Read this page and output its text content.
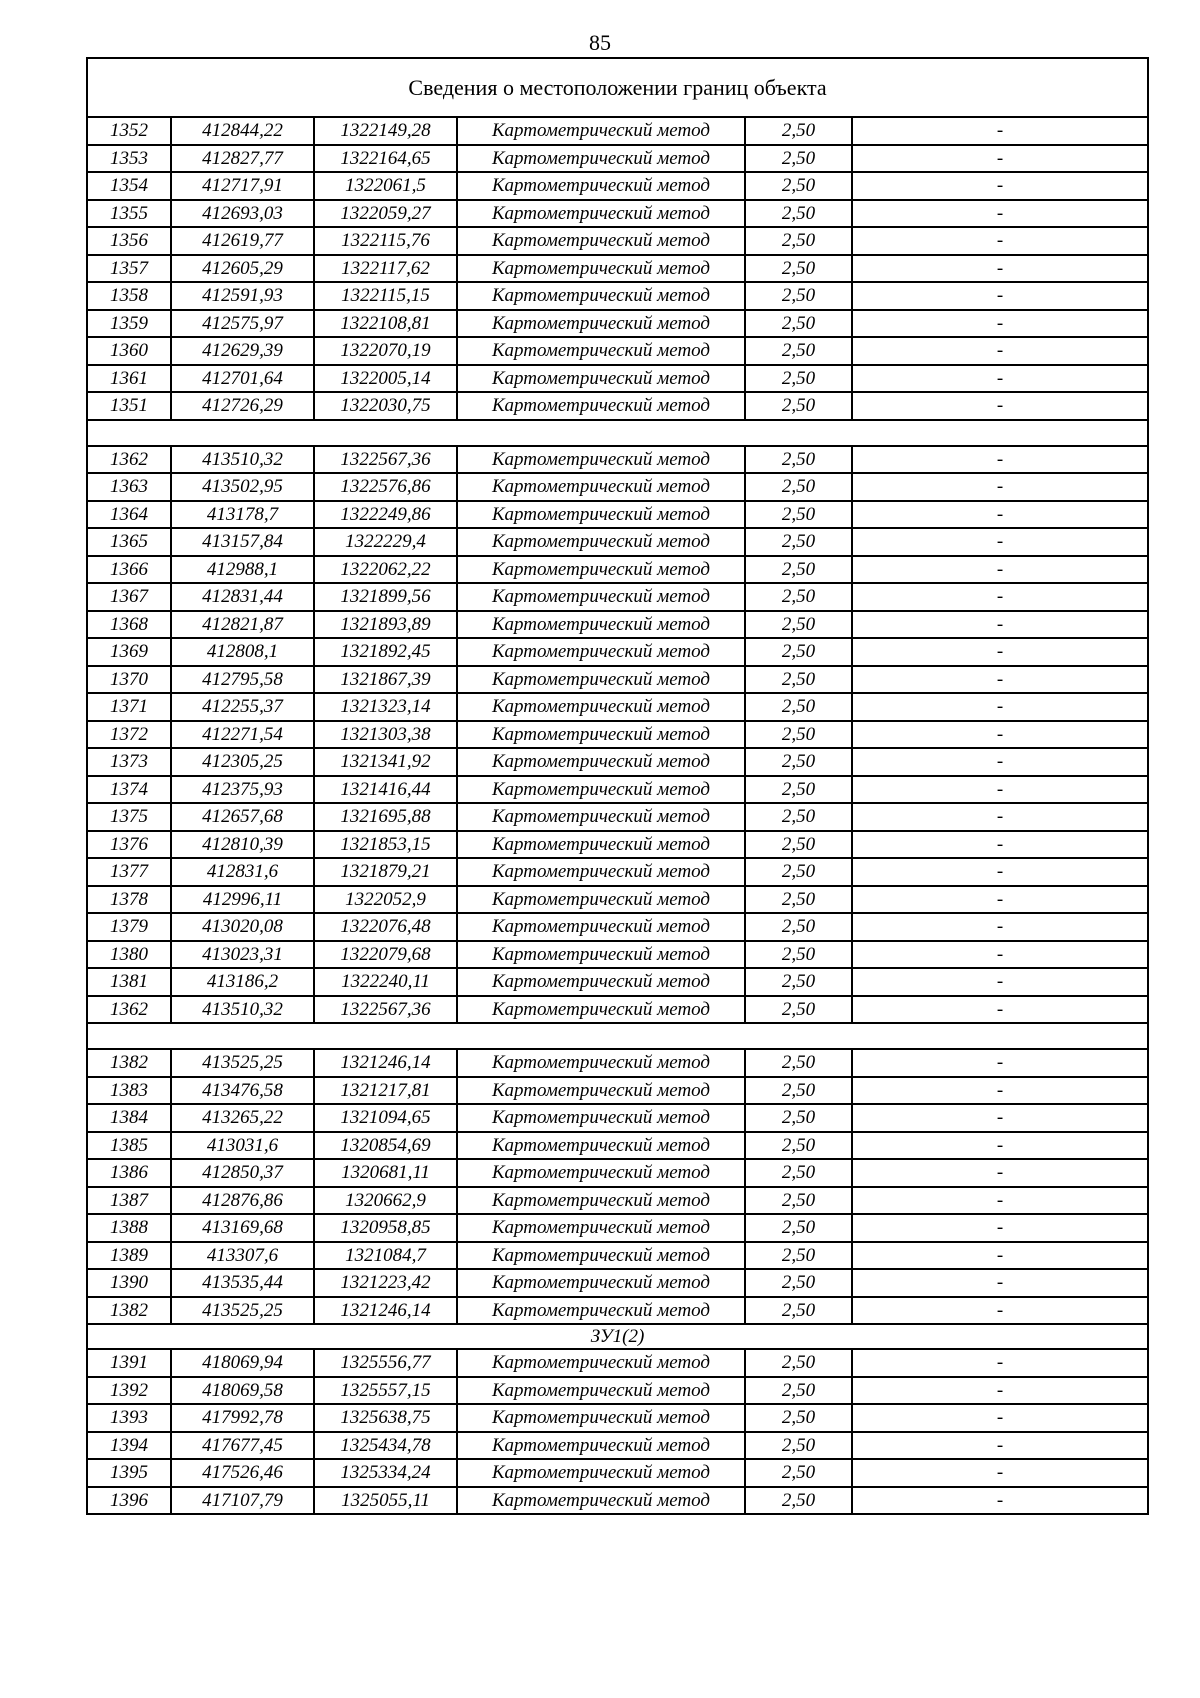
85
Сведения о местоположении границ объекта					
1352	412844,22	1322149,28	Картометрический метод	2,50	-
1353	412827,77	1322164,65	Картометрический метод	2,50	-
1354	412717,91	1322061,5	Картометрический метод	2,50	-
1355	412693,03	1322059,27	Картометрический метод	2,50	-
1356	412619,77	1322115,76	Картометрический метод	2,50	-
1357	412605,29	1322117,62	Картометрический метод	2,50	-
1358	412591,93	1322115,15	Картометрический метод	2,50	-
1359	412575,97	1322108,81	Картометрический метод	2,50	-
1360	412629,39	1322070,19	Картометрический метод	2,50	-
1361	412701,64	1322005,14	Картометрический метод	2,50	-
1351	412726,29	1322030,75	Картометрический метод	2,50	-

1362	413510,32	1322567,36	Картометрический метод	2,50	-
1363	413502,95	1322576,86	Картометрический метод	2,50	-
1364	413178,7	1322249,86	Картометрический метод	2,50	-
1365	413157,84	1322229,4	Картометрический метод	2,50	-
1366	412988,1	1322062,22	Картометрический метод	2,50	-
1367	412831,44	1321899,56	Картометрический метод	2,50	-
1368	412821,87	1321893,89	Картометрический метод	2,50	-
1369	412808,1	1321892,45	Картометрический метод	2,50	-
1370	412795,58	1321867,39	Картометрический метод	2,50	-
1371	412255,37	1321323,14	Картометрический метод	2,50	-
1372	412271,54	1321303,38	Картометрический метод	2,50	-
1373	412305,25	1321341,92	Картометрический метод	2,50	-
1374	412375,93	1321416,44	Картометрический метод	2,50	-
1375	412657,68	1321695,88	Картометрический метод	2,50	-
1376	412810,39	1321853,15	Картометрический метод	2,50	-
1377	412831,6	1321879,21	Картометрический метод	2,50	-
1378	412996,11	1322052,9	Картометрический метод	2,50	-
1379	413020,08	1322076,48	Картометрический метод	2,50	-
1380	413023,31	1322079,68	Картометрический метод	2,50	-
1381	413186,2	1322240,11	Картометрический метод	2,50	-
1362	413510,32	1322567,36	Картометрический метод	2,50	-

1382	413525,25	1321246,14	Картометрический метод	2,50	-
1383	413476,58	1321217,81	Картометрический метод	2,50	-
1384	413265,22	1321094,65	Картометрический метод	2,50	-
1385	413031,6	1320854,69	Картометрический метод	2,50	-
1386	412850,37	1320681,11	Картометрический метод	2,50	-
1387	412876,86	1320662,9	Картометрический метод	2,50	-
1388	413169,68	1320958,85	Картометрический метод	2,50	-
1389	413307,6	1321084,7	Картометрический метод	2,50	-
1390	413535,44	1321223,42	Картометрический метод	2,50	-
1382	413525,25	1321246,14	Картометрический метод	2,50	-
ЗУ1(2)					
1391	418069,94	1325556,77	Картометрический метод	2,50	-
1392	418069,58	1325557,15	Картометрический метод	2,50	-
1393	417992,78	1325638,75	Картометрический метод	2,50	-
1394	417677,45	1325434,78	Картометрический метод	2,50	-
1395	417526,46	1325334,24	Картометрический метод	2,50	-
1396	417107,79	1325055,11	Картометрический метод	2,50	-
